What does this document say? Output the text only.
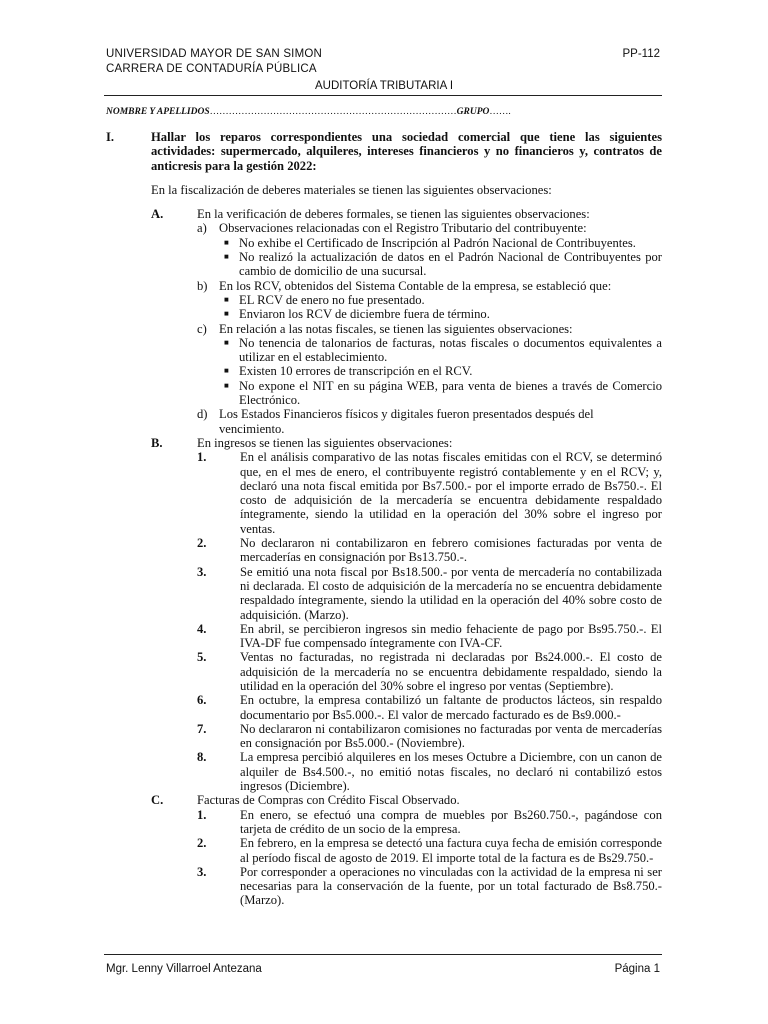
UNIVERSIDAD MAYOR DE SAN SIMON
CARRERA DE CONTADURÍA PÚBLICA
PP-112
AUDITORÍA TRIBUTARIA I
NOMBRE Y APELLIDOS……………………………………………………………………GRUPO…….
I.	Hallar los reparos correspondientes una sociedad comercial que tiene las siguientes actividades: supermercado, alquileres, intereses financieros y no financieros y, contratos de anticresis para la gestión 2022:
En la fiscalización de deberes materiales se tienen las siguientes observaciones:
A.	En la verificación de deberes formales, se tienen las siguientes observaciones:
a) Observaciones relacionadas con el Registro Tributario del contribuyente:
■ No exhibe el Certificado de Inscripción al Padrón Nacional de Contribuyentes.
■ No realizó la actualización de datos en el Padrón Nacional de Contribuyentes por cambio de domicilio de una sucursal.
b) En los RCV, obtenidos del Sistema Contable de la empresa, se estableció que:
■ EL RCV de enero no fue presentado.
■ Enviaron los RCV de diciembre fuera de término.
c) En relación a las notas fiscales, se tienen las siguientes observaciones:
■ No tenencia de talonarios de facturas, notas fiscales o documentos equivalentes a utilizar en el establecimiento.
■ Existen 10 errores de transcripción en el RCV.
■ No expone el NIT en su página WEB, para venta de bienes a través de Comercio Electrónico.
d) Los Estados Financieros físicos y digitales fueron presentados después del vencimiento.
B.	En ingresos se tienen las siguientes observaciones:
1.	En el análisis comparativo de las notas fiscales emitidas con el RCV, se determinó que, en el mes de enero, el contribuyente registró contablemente y en el RCV; y, declaró una nota fiscal emitida por Bs7.500.- por el importe errado de Bs750.-. El costo de adquisición de la mercadería se encuentra debidamente respaldado íntegramente, siendo la utilidad en la operación del 30% sobre el ingreso por ventas.
2.	No declararon ni contabilizaron en febrero comisiones facturadas por venta de mercaderías en consignación por Bs13.750.-.
3.	Se emitió una nota fiscal por Bs18.500.- por venta de mercadería no contabilizada ni declarada. El costo de adquisición de la mercadería no se encuentra debidamente respaldado íntegramente, siendo la utilidad en la operación del 40% sobre costo de adquisición. (Marzo).
4.	En abril, se percibieron ingresos sin medio fehaciente de pago por Bs95.750.-. El IVA-DF fue compensado íntegramente con IVA-CF.
5.	Ventas no facturadas, no registrada ni declaradas por Bs24.000.-. El costo de adquisición de la mercadería no se encuentra debidamente respaldado, siendo la utilidad en la operación del 30% sobre el ingreso por ventas (Septiembre).
6.	En octubre, la empresa contabilizó un faltante de productos lácteos, sin respaldo documentario por Bs5.000.-. El valor de mercado facturado es de Bs9.000.-
7.	No declararon ni contabilizaron comisiones no facturadas por venta de mercaderías en consignación por Bs5.000.- (Noviembre).
8.	La empresa percibió alquileres en los meses Octubre a Diciembre, con un canon de alquiler de Bs4.500.-, no emitió notas fiscales, no declaró ni contabilizó estos ingresos (Diciembre).
C.	Facturas de Compras con Crédito Fiscal Observado.
1.	En enero, se efectuó una compra de muebles por Bs260.750.-, pagándose con tarjeta de crédito de un socio de la empresa.
2.	En febrero, en la empresa se detectó una factura cuya fecha de emisión corresponde al período fiscal de agosto de 2019. El importe total de la factura es de Bs29.750.-
3.	Por corresponder a operaciones no vinculadas con la actividad de la empresa ni ser necesarias para la conservación de la fuente, por un total facturado de Bs8.750.- (Marzo).
Mgr. Lenny Villarroel Antezana	Página 1
